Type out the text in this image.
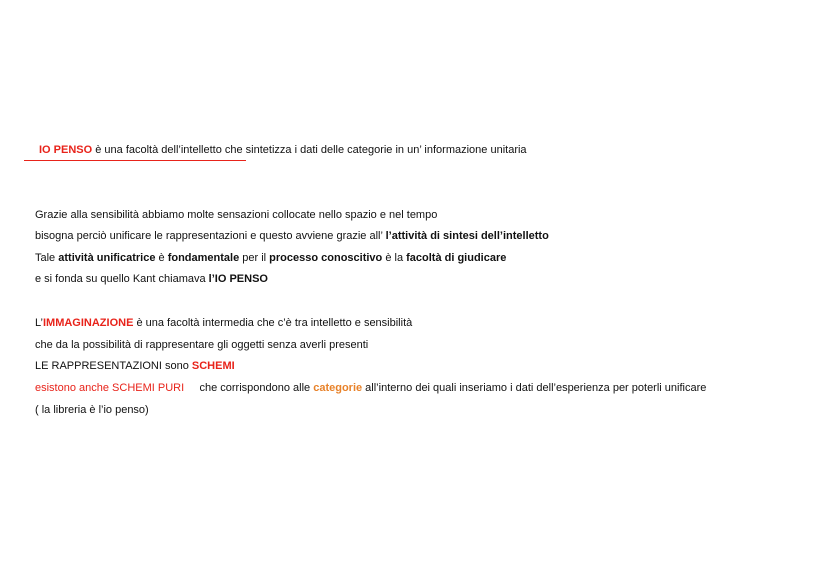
IO PENSO è una facoltà dell’intelletto che sintetizza i dati delle categorie in un’ informazione unitaria
Grazie alla sensibilità abbiamo molte sensazioni collocate nello spazio e nel tempo
bisogna perciò unificare le rappresentazioni e questo avviene grazie all’ l’attività di sintesi dell’intelletto
Tale attività unificatrice è fondamentale per il processo conoscitivo è la facoltà di giudicare
e si fonda su quello Kant chiamava l’IO PENSO
L’IMMAGINAZIONE è una facoltà intermedia che c’è tra intelletto e sensibilità
che da la possibilità di rappresentare gli oggetti senza averli presenti
LE RAPPRESENTAZIONI sono SCHEMI
esistono anche SCHEMI PURI     che corrispondono alle categorie all’interno dei quali inseriamo i dati dell’esperienza per poterli unificare
( la libreria è l’io penso)
